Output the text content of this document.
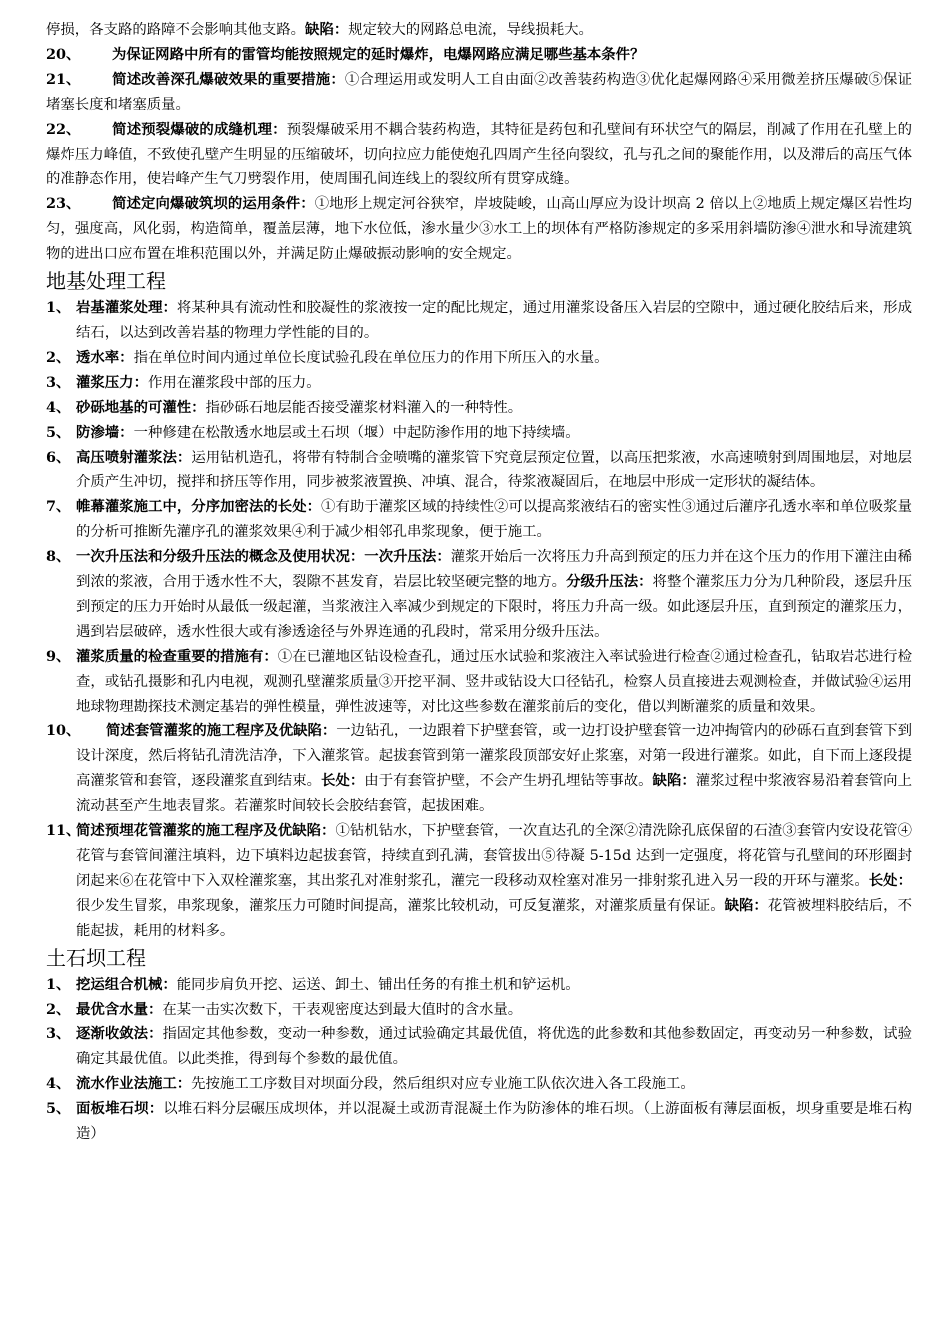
停损，各支路的路障不会影响其他支路。缺陷：规定较大的网路总电流，导线损耗大。

20、	为保证网路中所有的雷管均能按照规定的延时爆炸，电爆网路应满足哪些基本条件？

21、 简述改善深孔爆破效果的重要措施：①合理运用或发明人工自由面②改善装药构造③优化起爆网路④采用微差挤压爆破⑤保证堵塞长度和堵塞质量。

22、 简述预裂爆破的成缝机理：预裂爆破采用不耦合装药构造，其特征是药包和孔壁间有环状空气的隔层，削减了作用在孔壁上的爆炸压力峰值，不致使孔壁产生明显的压缩破坏，切向拉应力能使炮孔四周产生径向裂纹，孔与孔之间的聚能作用，以及滞后的高压气体的准静态作用，使岩峰产生气刀劈裂作用，使周围孔间连线上的裂纹所有贯穿成缝。

23、 简述定向爆破筑坝的运用条件：①地形上规定河谷狭窄，岸坡陡峻，山高山厚应为设计坝高 2 倍以上②地质上规定爆区岩性均匀，强度高，风化弱，构造简单，覆盖层薄，地下水位低，渗水量少③水工上的坝体有严格防渗规定的多采用斜墙防渗④泄水和导流建筑物的进出口应布置在堆积范围以外，并满足防止爆破振动影响的安全规定。

地基处理工程
1、 岩基灌浆处理：将某种具有流动性和胶凝性的浆液按一定的配比规定，通过用灌浆设备压入岩层的空隙中，通过硬化胶结后来，形成结石，以达到改善岩基的物理力学性能的目的。
2、 透水率：指在单位时间内通过单位长度试验孔段在单位压力的作用下所压入的水量。
3、 灌浆压力：作用在灌浆段中部的压力。
4、 砂砾地基的可灌性：指砂砾石地层能否接受灌浆材料灌入的一种特性。
5、 防渗墙：一种修建在松散透水地层或土石坝（堰）中起防渗作用的地下持续墙。
6、 高压喷射灌浆法：运用钻机造孔，将带有特制合金喷嘴的灌浆管下究竟层预定位置，以高压把浆液，水高速喷射到周围地层，对地层介质产生冲切，搅拌和挤压等作用，同步被浆液置换、冲填、混合，待浆液凝固后，在地层中形成一定形状的凝结体。
7、 帷幕灌浆施工中，分序加密法的长处：①有助于灌浆区域的持续性②可以提高浆液结石的密实性③通过后灌序孔透水率和单位吸浆量的分析可推断先灌序孔的灌浆效果④利于减少相邻孔串浆现象，便于施工。
8、 一次升压法和分级升压法的概念及使用状况：一次升压法：灌浆开始后一次将压力升高到预定的压力并在这个压力的作用下灌注由稀到浓的浆液，合用于透水性不大，裂隙不甚发育，岩层比较坚硬完整的地方。分级升压法：将整个灌浆压力分为几种阶段，逐层升压到预定的压力开始时从最低一级起灌，当浆液注入率减少到规定的下限时，将压力升高一级。如此逐层升压，直到预定的灌浆压力，遇到岩层破碎，透水性很大或有渗透途径与外界连通的孔段时，常采用分级升压法。
9、 灌浆质量的检查重要的措施有：①在已灌地区钻设检查孔，通过压水试验和浆液注入率试验进行检查②通过检查孔，钻取岩芯进行检查，或钻孔摄影和孔内电视，观测孔壁灌浆质量③开挖平洞、竖井或钻设大口径钻孔，检察人员直接进去观测检查，并做试验④运用地球物理勘探技术测定基岩的弹性模量，弹性波速等，对比这些参数在灌浆前后的变化，借以判断灌浆的质量和效果。
10、	简述套管灌浆的施工程序及优缺陷：一边钻孔，一边跟着下护壁套管，或一边打设护壁套管一边冲掏管内的砂砾石直到套管下到设计深度，然后将钻孔清洗洁净，下入灌浆管。起拔套管到第一灌浆段顶部安好止浆塞，对第一段进行灌浆。如此，自下而上逐段提高灌浆管和套管，逐段灌浆直到结束。长处：由于有套管护壁，不会产生坍孔埋钻等事故。缺陷：灌浆过程中浆液容易沿着套管向上流动甚至产生地表冒浆。若灌浆时间较长会胶结套管，起拔困难。
11、
简述预埋花管灌浆的施工程序及优缺陷：①钻机钻水，下护壁套管，一次直达孔的全深②清洗除孔底保留的石渣③套管内安设花管④花管与套管间灌注填料，边下填料边起拔套管，持续直到孔满，套管拔出⑤待凝 5-15d 达到一定强度，将花管与孔壁间的环形圈封闭起来⑥在花管中下入双栓灌浆塞，其出浆孔对准射浆孔，灌完一段移动双栓塞对准另一排射浆孔进入另一段的开环与灌浆。长处：很少发生冒浆，串浆现象，灌浆压力可随时间提高，灌浆比较机动，可反复灌浆，对灌浆质量有保证。缺陷：花管被埋料胶结后，不能起拔，耗用的材料多。
土石坝工程
1、 挖运组合机械：能同步肩负开挖、运送、卸土、铺出任务的有推土机和铲运机。
2、 最优含水量：在某一击实次数下，干表观密度达到最大值时的含水量。
3、 逐渐收敛法：指固定其他参数，变动一种参数，通过试验确定其最优值，将优选的此参数和其他参数固定，再变动另一种参数，试验确定其最优值。以此类推，得到每个参数的最优值。
4、 流水作业法施工：先按施工工序数目对坝面分段，然后组织对应专业施工队依次进入各工段施工。
5、 面板堆石坝：以堆石料分层碾压成坝体，并以混凝土或沥青混凝土作为防渗体的堆石坝。（上游面板有薄层面板，坝身重要是堆石构造）
